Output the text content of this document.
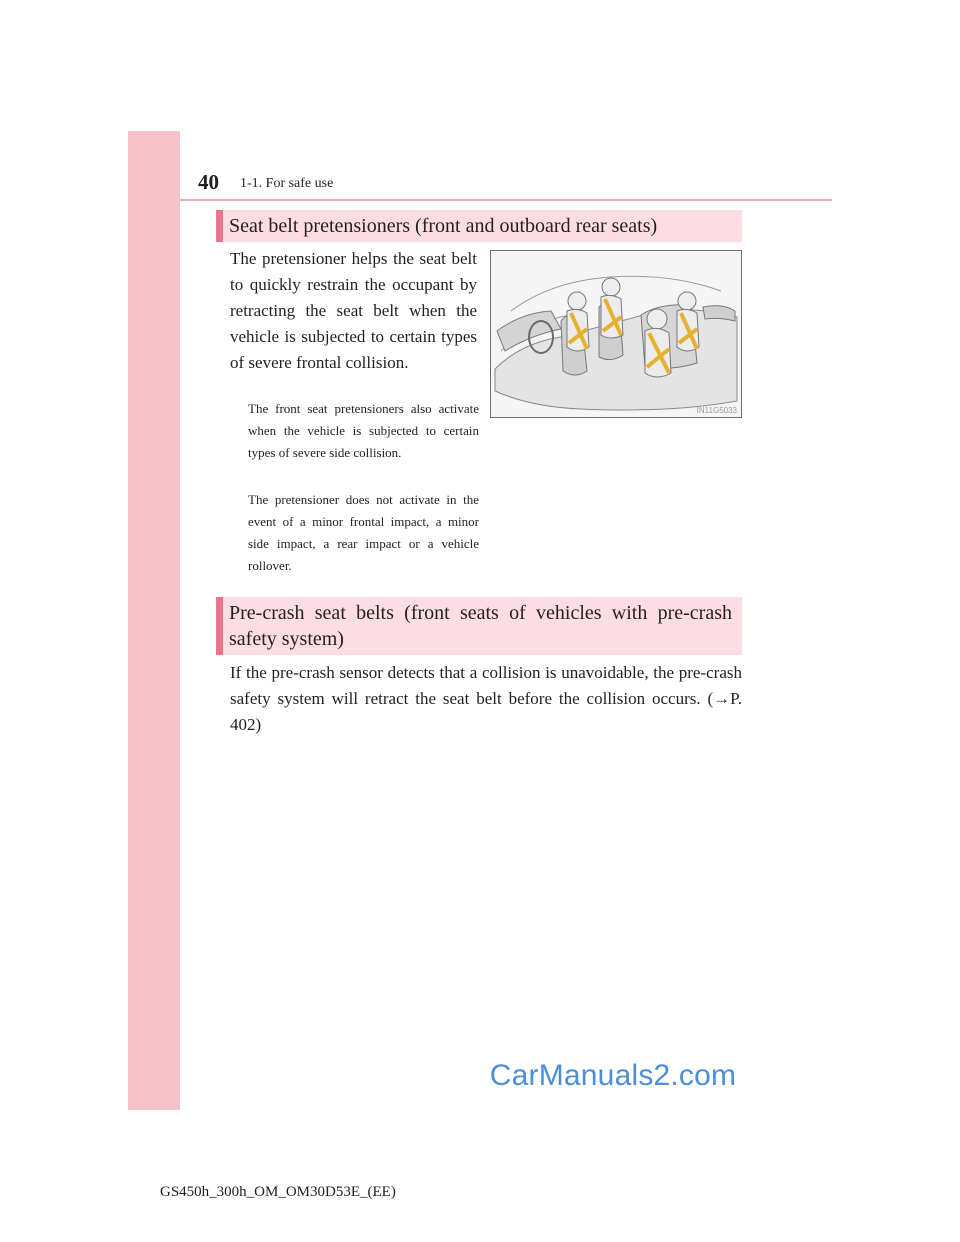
40 1-1. For safe use
Seat belt pretensioners (front and outboard rear seats)

The pretensioner helps the seat belt to quickly restrain the occupant by retracting the seat belt when the vehicle is subjected to certain types of severe frontal collision.

The front seat pretensioners also activate when the vehicle is subjected to certain types of severe side collision.

The pretensioner does not activate in the event of a minor frontal impact, a minor side impact, a rear impact or a vehicle rollover.

IN11G5033
Pre-crash seat belts (front seats of vehicles with pre-crash safety system)

If the pre-crash sensor detects that a collision is unavoidable, the pre-crash safety system will retract the seat belt before the collision occurs. (→P. 402)

CarManuals2.com
GS450h_300h_OM_OM30D53E_(EE)
